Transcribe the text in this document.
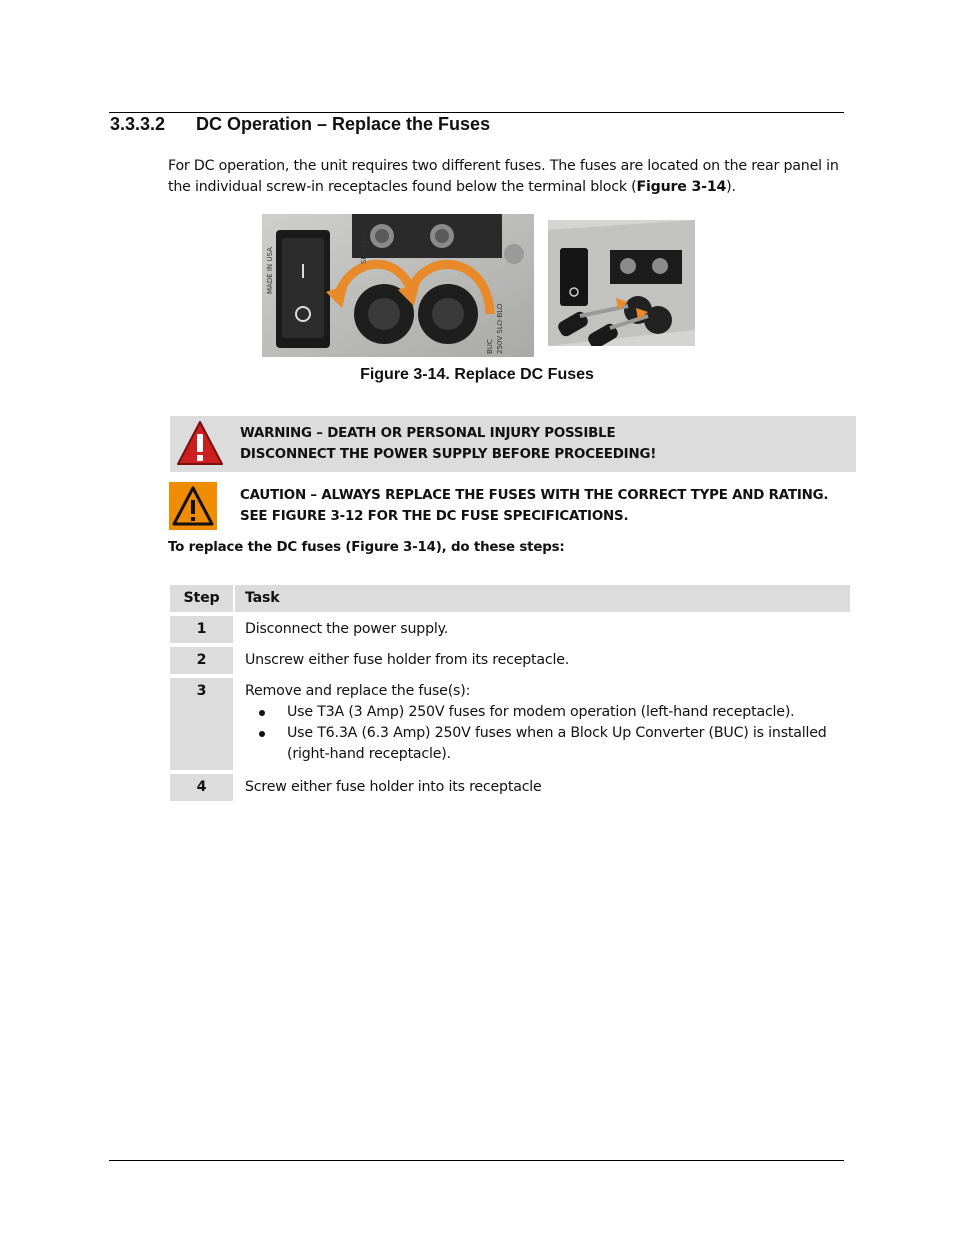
3.3.3.2	DC Operation – Replace the Fuses
For DC operation, the unit requires two different fuses. The fuses are located on the rear panel in the individual screw-in receptacles found below the terminal block (Figure 3-14).
MADE IN USA	SLO-BLO
BUC 250V SLO-BLO
Figure 3-14. Replace DC Fuses
WARNING – DEATH OR PERSONAL INJURY POSSIBLE
DISCONNECT THE POWER SUPPLY BEFORE PROCEEDING!
CAUTION – ALWAYS REPLACE THE FUSES WITH THE CORRECT TYPE AND RATING.
SEE FIGURE 3-12 FOR THE DC FUSE SPECIFICATIONS.
To replace the DC fuses (Figure 3-14), do these steps:
Step	Task
1	Disconnect the power supply.
2	Unscrew either fuse holder from its receptacle.
3	Remove and replace the fuse(s):
Use T3A (3 Amp) 250V fuses for modem operation (left-hand receptacle).
Use T6.3A (6.3 Amp) 250V fuses when a Block Up Converter (BUC) is installed (right-hand receptacle).
4	Screw either fuse holder into its receptacle
